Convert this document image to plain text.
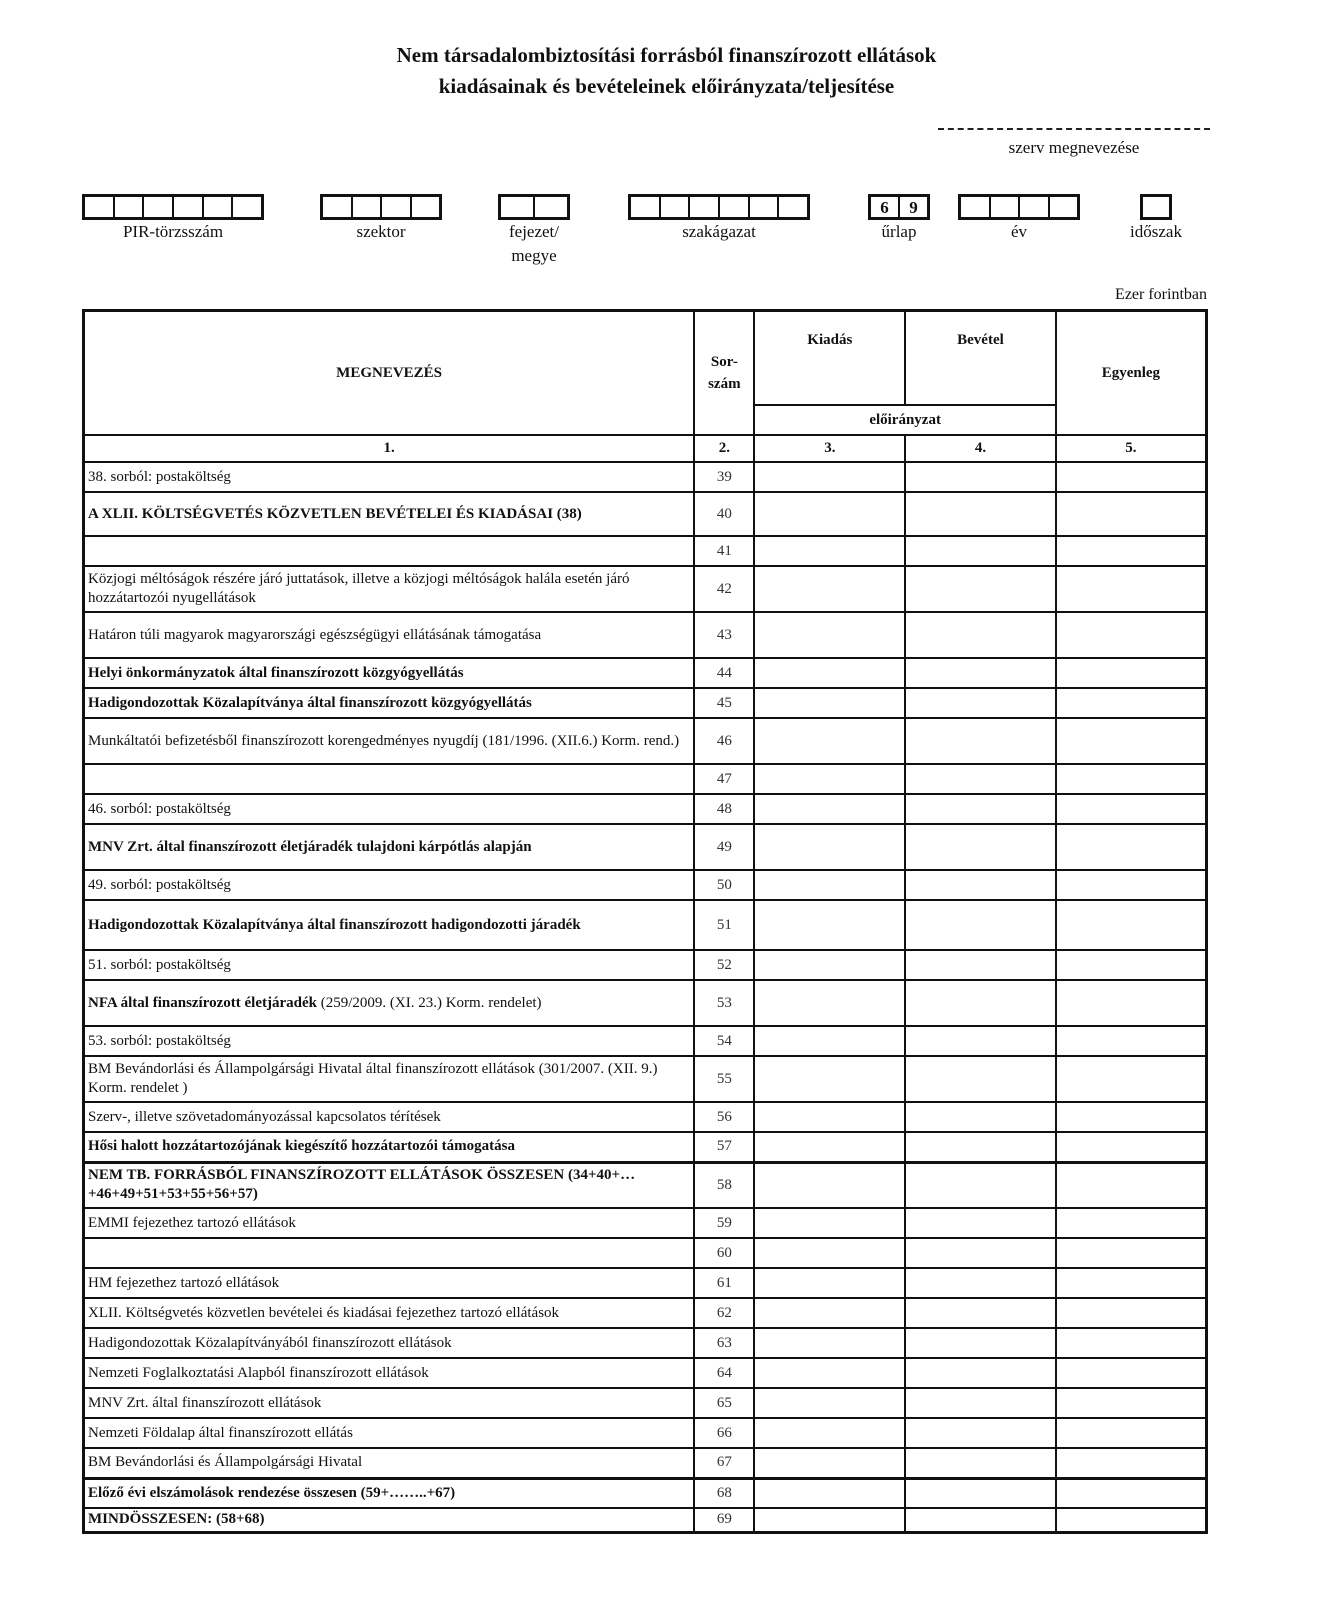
Nem társadalombiztosítási forrásból finanszírozott ellátások
kiadásainak és bevételeinek előirányzata/teljesítése
szerv megnevezése
PIR-törzsszám	szektor	fejezet/
megye
szakágazat
6	9
űrlap	év	időszak
Ezer forintban
MEGNEVEZÉS	Sor-
szám	Kiadás	Bevétel	Egyenleg
		előirányzat		
1.	2.	3.	4.	5.
38. sorból: postaköltség	39			
A XLII. KÖLTSÉGVETÉS KÖZVETLEN BEVÉTELEI ÉS KIADÁSAI (38)	40			
	41			
Közjogi méltóságok részére járó juttatások, illetve a közjogi méltóságok halála esetén járó hozzátartozói nyugellátások	42			
Határon túli magyarok magyarországi egészségügyi ellátásának támogatása	43			
Helyi önkormányzatok által finanszírozott közgyógyellátás	44			
Hadigondozottak Közalapítványa által finanszírozott közgyógyellátás	45			
Munkáltatói befizetésből finanszírozott korengedményes nyugdíj (181/1996. (XII.6.) Korm. rend.)	46			
	47			
46. sorból: postaköltség	48			
MNV Zrt. által finanszírozott életjáradék tulajdoni kárpótlás alapján	49			
49. sorból: postaköltség	50			
Hadigondozottak Közalapítványa által finanszírozott hadigondozotti járadék	51			
51. sorból: postaköltség	52			
NFA által finanszírozott életjáradék (259/2009. (XI. 23.) Korm. rendelet)	53			
53. sorból: postaköltség	54			
BM Bevándorlási és Állampolgársági Hivatal által finanszírozott ellátások (301/2007. (XII. 9.) Korm. rendelet )	55			
Szerv-, illetve szövetadományozással kapcsolatos térítések	56			
Hősi halott hozzátartozójának kiegészítő hozzátartozói támogatása	57			
NEM TB. FORRÁSBÓL FINANSZÍROZOTT ELLÁTÁSOK ÖSSZESEN (34+40+…+46+49+51+53+55+56+57)	58			
EMMI fejezethez tartozó ellátások	59			
	60			
HM fejezethez tartozó ellátások	61			
XLII. Költségvetés közvetlen bevételei és kiadásai fejezethez tartozó ellátások	62			
Hadigondozottak Közalapítványából finanszírozott ellátások	63			
Nemzeti Foglalkoztatási Alapból finanszírozott ellátások	64			
MNV Zrt. által finanszírozott ellátások	65			
Nemzeti Földalap által finanszírozott ellátás	66			
BM Bevándorlási és Állampolgársági Hivatal	67			
Előző évi elszámolások rendezése összesen (59+……..+67)	68			
MINDÖSSZESEN: (58+68)	69			
